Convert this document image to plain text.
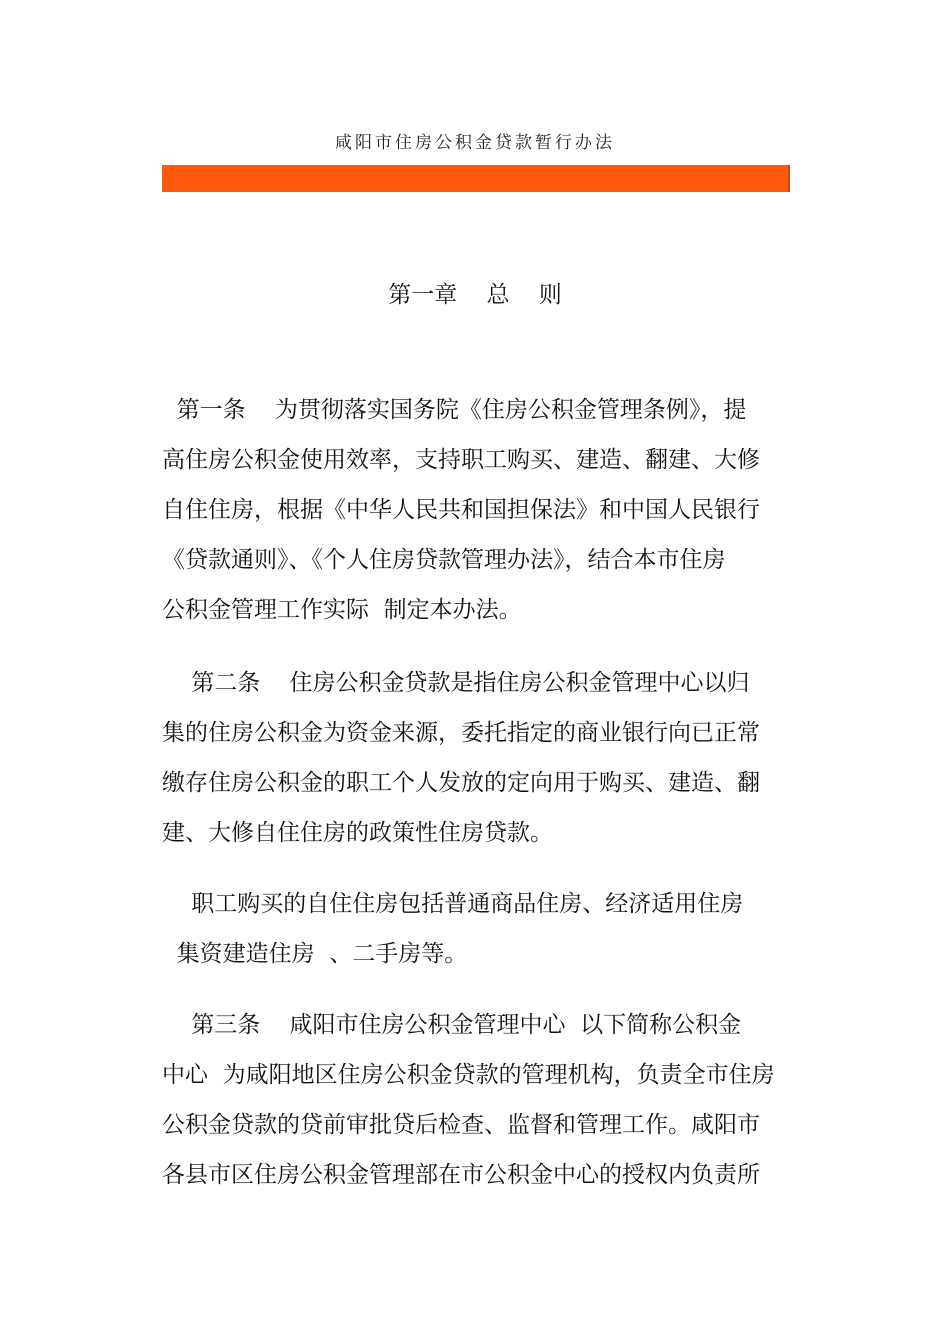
咸阳市住房公积金贷款暂行办法
第一章    总    则
第一条    为贯彻落实国务院《住房公积金管理条例》，提
高住房公积金使用效率，支持职工购买、建造、翻建、大修
自住住房，根据《中华人民共和国担保法》和中国人民银行
《贷款通则》、《个人住房贷款管理办法》，结合本市住房
公积金管理工作实际  制定本办法。
第二条    住房公积金贷款是指住房公积金管理中心以归
集的住房公积金为资金来源，委托指定的商业银行向已正常
缴存住房公积金的职工个人发放的定向用于购买、建造、翻
建、大修自住住房的政策性住房贷款。
职工购买的自住住房包括普通商品住房、经济适用住房
集资建造住房  、二手房等。
第三条    咸阳市住房公积金管理中心  以下简称公积金
中心  为咸阳地区住房公积金贷款的管理机构，负责全市住房
公积金贷款的贷前审批贷后检查、监督和管理工作。咸阳市
各县市区住房公积金管理部在市公积金中心的授权内负责所
